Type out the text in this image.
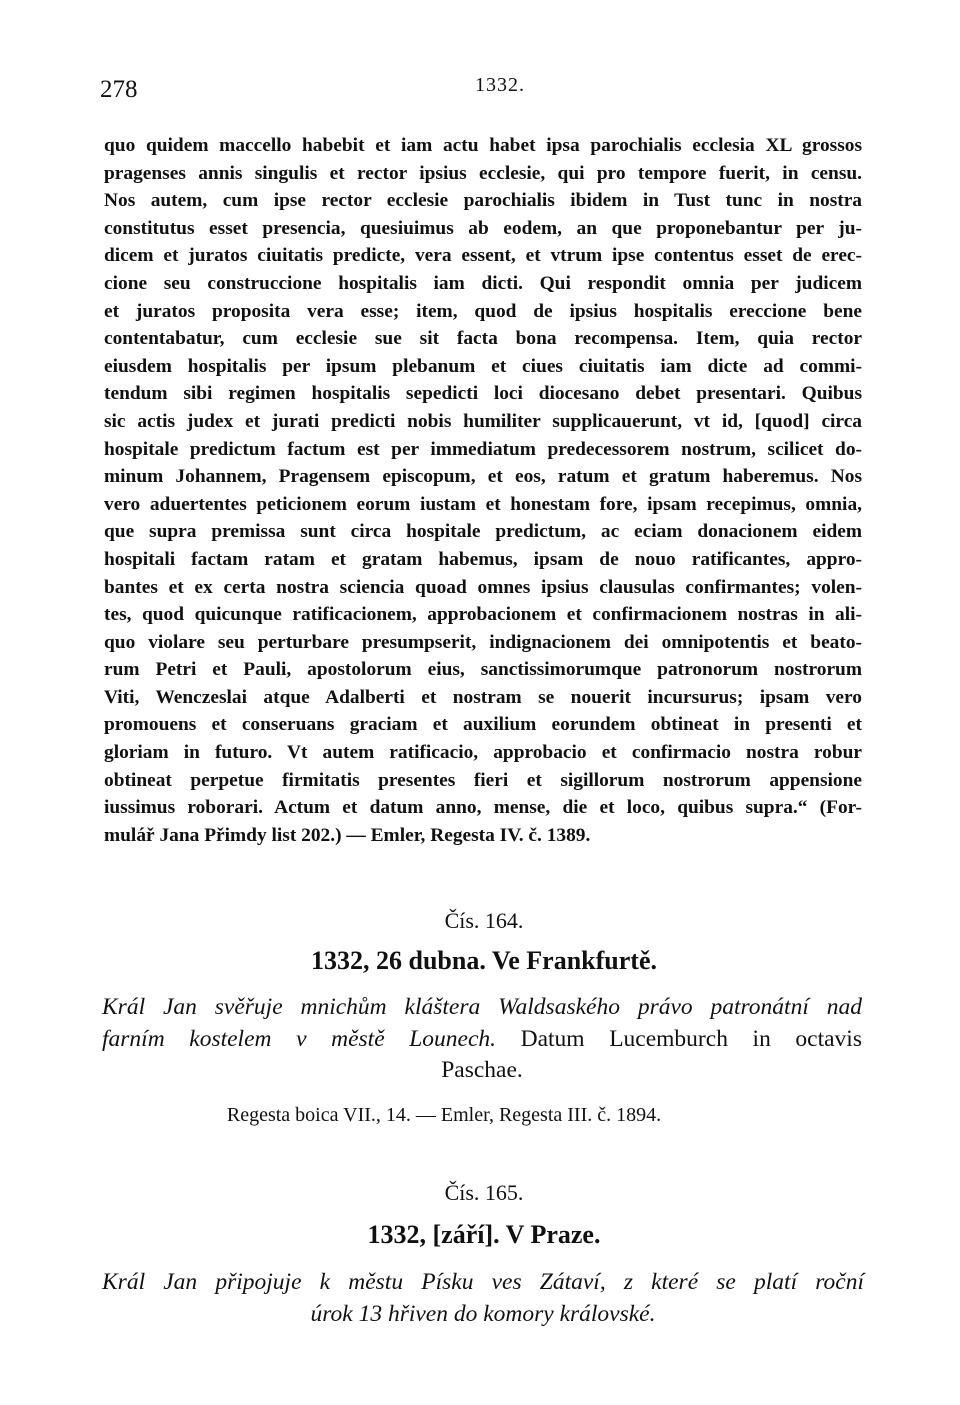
278	1332.

quo quidem maccello habebit et iam actu habet ipsa parochialis ecclesia XL grossos
pragenses annis singulis et rector ipsius ecclesie, qui pro tempore fuerit, in censu.
Nos autem, cum ipse rector ecclesie parochialis ibidem in Tust tunc in nostra
constitutus esset presencia, quesiuimus ab eodem, an que proponebantur per ju-
dicem et juratos ciuitatis predicte, vera essent, et vtrum ipse contentus esset de erec-
cione seu construccione hospitalis iam dicti. Qui respondit omnia per judicem
et juratos proposita vera esse; item, quod de ipsius hospitalis ereccione bene
contentabatur, cum ecclesie sue sit facta bona recompensa. Item, quia rector
eiusdem hospitalis per ipsum plebanum et ciues ciuitatis iam dicte ad commi-
tendum sibi regimen hospitalis sepedicti loci diocesano debet presentari. Quibus
sic actis judex et jurati predicti nobis humiliter supplicauerunt, vt id, [quod] circa
hospitale predictum factum est per immediatum predecessorem nostrum, scilicet do-
minum Johannem, Pragensem episcopum, et eos, ratum et gratum haberemus. Nos
vero aduertentes peticionem eorum iustam et honestam fore, ipsam recepimus, omnia,
que supra premissa sunt circa hospitale predictum, ac eciam donacionem eidem
hospitali factam ratam et gratam habemus, ipsam de nouo ratificantes, appro-
bantes et ex certa nostra sciencia quoad omnes ipsius clausulas confirmantes; volen-
tes, quod quicunque ratificacionem, approbacionem et confirmacionem nostras in ali-
quo violare seu perturbare presumpserit, indignacionem dei omnipotentis et beato-
rum Petri et Pauli, apostolorum eius, sanctissimorumque patronorum nostrorum
Viti, Wenczeslai atque Adalberti et nostram se nouerit incursurus; ipsam vero
promouens et conseruans graciam et auxilium eorundem obtineat in presenti et
gloriam in futuro. Vt autem ratificacio, approbacio et confirmacio nostra robur
obtineat perpetue firmitatis presentes fieri et sigillorum nostrorum appensione
iussimus roborari. Actum et datum anno, mense, die et loco, quibus supra.“ (For-
mulář Jana Přimdy list 202.) — Emler, Regesta IV. č. 1389.

Čís. 164.

1332, 26 dubna. Ve Frankfurtě.

Král Jan svěřuje mnichům kláštera Waldsaského právo patronátní nad
farním kostelem v městě Lounech. Datum Lucemburch in octavis
Paschae.

Regesta boica VII., 14. — Emler, Regesta III. č. 1894.

Čís. 165.

1332, [září]. V Praze.

Král Jan připojuje k městu Písku ves Zátaví, z které se platí roční
úrok 13 hřiven do komory královské.
